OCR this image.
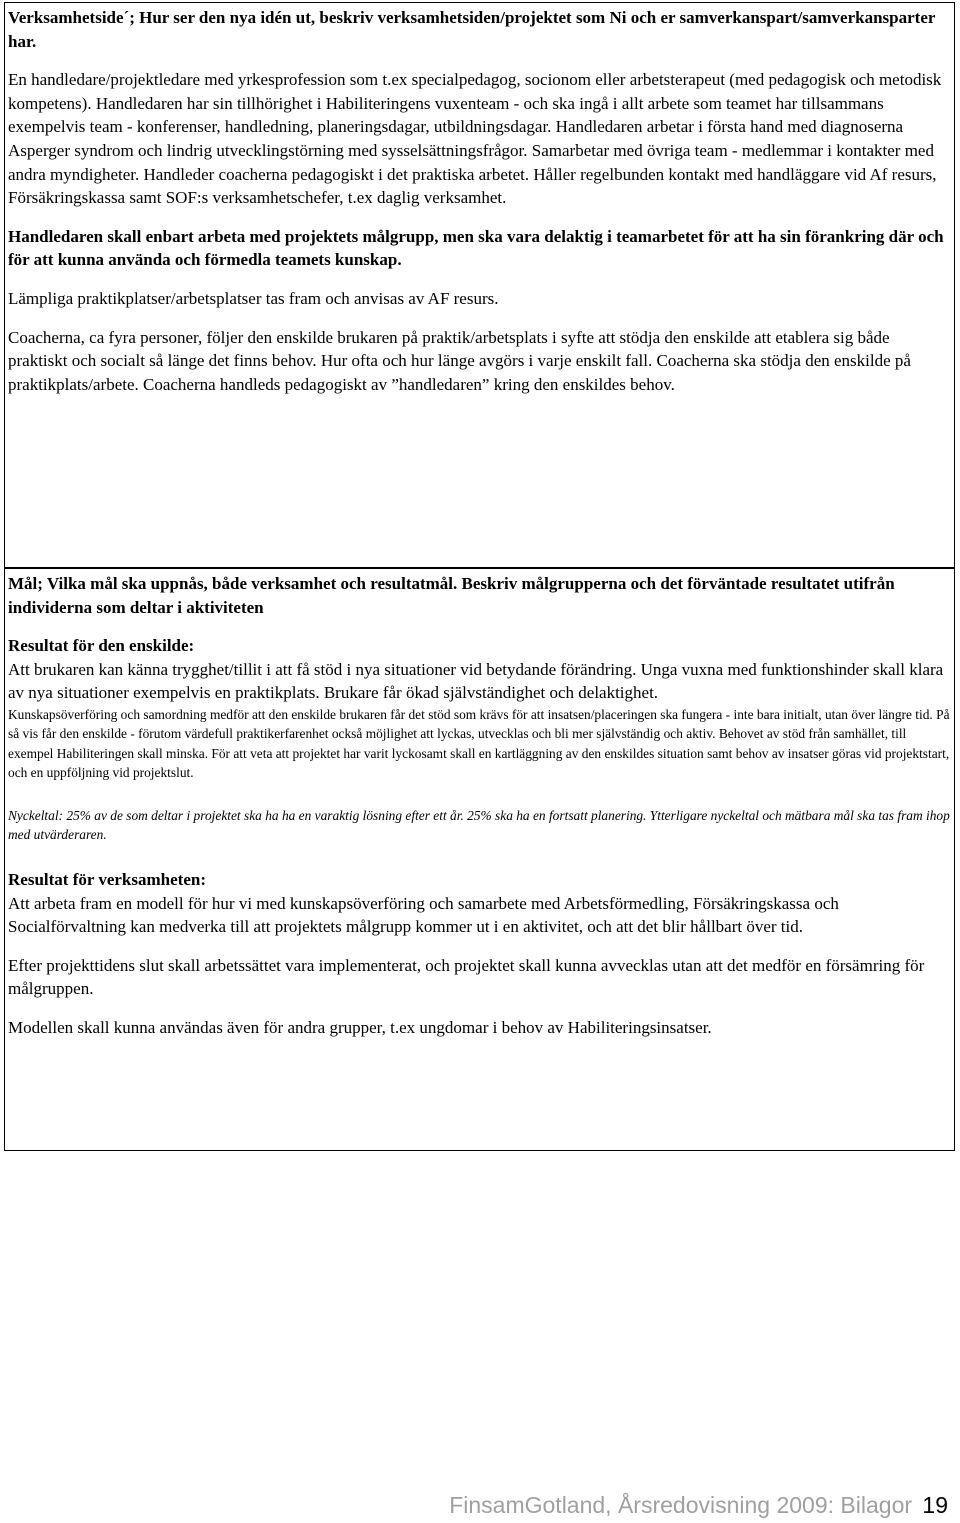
Verksamhetside´; Hur ser den nya idén ut, beskriv verksamhetsiden/projektet som Ni och er samverkanspart/samverkansparter har.

En handledare/projektledare med yrkesprofession som t.ex specialpedagog, socionom eller arbetsterapeut (med pedagogisk och metodisk kompetens). Handledaren har sin tillhörighet i Habiliteringens vuxenteam - och ska ingå i allt arbete som teamet har tillsammans exempelvis team - konferenser, handledning, planeringsdagar, utbildningsdagar. Handledaren arbetar i första hand med diagnoserna Asperger syndrom och lindrig utvecklingstörning med sysselsättningsfrågor. Samarbetar med övriga team - medlemmar i kontakter med andra myndigheter. Handleder coacherna pedagogiskt i det praktiska arbetet. Håller regelbunden kontakt med handläggare vid Af resurs, Försäkringskassa samt SOF:s verksamhetschefer, t.ex daglig verksamhet.

Handledaren skall enbart arbeta med projektets målgrupp, men ska vara delaktig i teamarbetet för att ha sin förankring där och för att kunna använda och förmedla teamets kunskap.

Lämpliga praktikplatser/arbetsplatser tas fram och anvisas av AF resurs.

Coacherna, ca fyra personer, följer den enskilde brukaren på praktik/arbetsplats i syfte att stödja den enskilde att etablera sig både praktiskt och socialt så länge det finns behov. Hur ofta och hur länge avgörs i varje enskilt fall. Coacherna ska stödja den enskilde på praktikplats/arbete. Coacherna handleds pedagogiskt av ”handledaren” kring den enskildes behov.

Mål; Vilka mål ska uppnås, både verksamhet och resultatmål. Beskriv målgrupperna och det förväntade resultatet utifrån individerna som deltar i aktiviteten

Resultat för den enskilde:

Att brukaren kan känna trygghet/tillit i att få stöd i nya situationer vid betydande förändring. Unga vuxna med funktionshinder skall klara av nya situationer exempelvis en praktikplats. Brukare får ökad självständighet och delaktighet.

Kunskapsöverföring och samordning medför att den enskilde brukaren får det stöd som krävs för att insatsen/placeringen ska fungera - inte bara initialt, utan över längre tid. På så vis får den enskilde - förutom värdefull praktikerfarenhet också möjlighet att lyckas, utvecklas och bli mer självständig och aktiv. Behovet av stöd från samhället, till exempel Habiliteringen skall minska. För att veta att projektet har varit lyckosamt skall en kartläggning av den enskildes situation samt behov av insatser göras vid projektstart, och en uppföljning vid projektslut.

Nyckeltal: 25% av de som deltar i projektet ska ha ha en varaktig lösning efter ett år. 25% ska ha en fortsatt planering. Ytterligare nyckeltal och mätbara mål ska tas fram ihop med utvärderaren.

Resultat för verksamheten:

Att arbeta fram en modell för hur vi med kunskapsöverföring och samarbete med Arbetsförmedling, Försäkringskassa och Socialförvaltning kan medverka till att projektets målgrupp kommer ut i en aktivitet, och att det blir hållbart över tid.

Efter projekttidens slut skall arbetssättet vara implementerat, och projektet skall kunna avvecklas utan att det medför en försämring för målgruppen.

Modellen skall kunna användas även för andra grupper, t.ex ungdomar i behov av Habiliteringsinsatser.

FinsamGotland, Årsredovisning 2009: Bilagor 19
